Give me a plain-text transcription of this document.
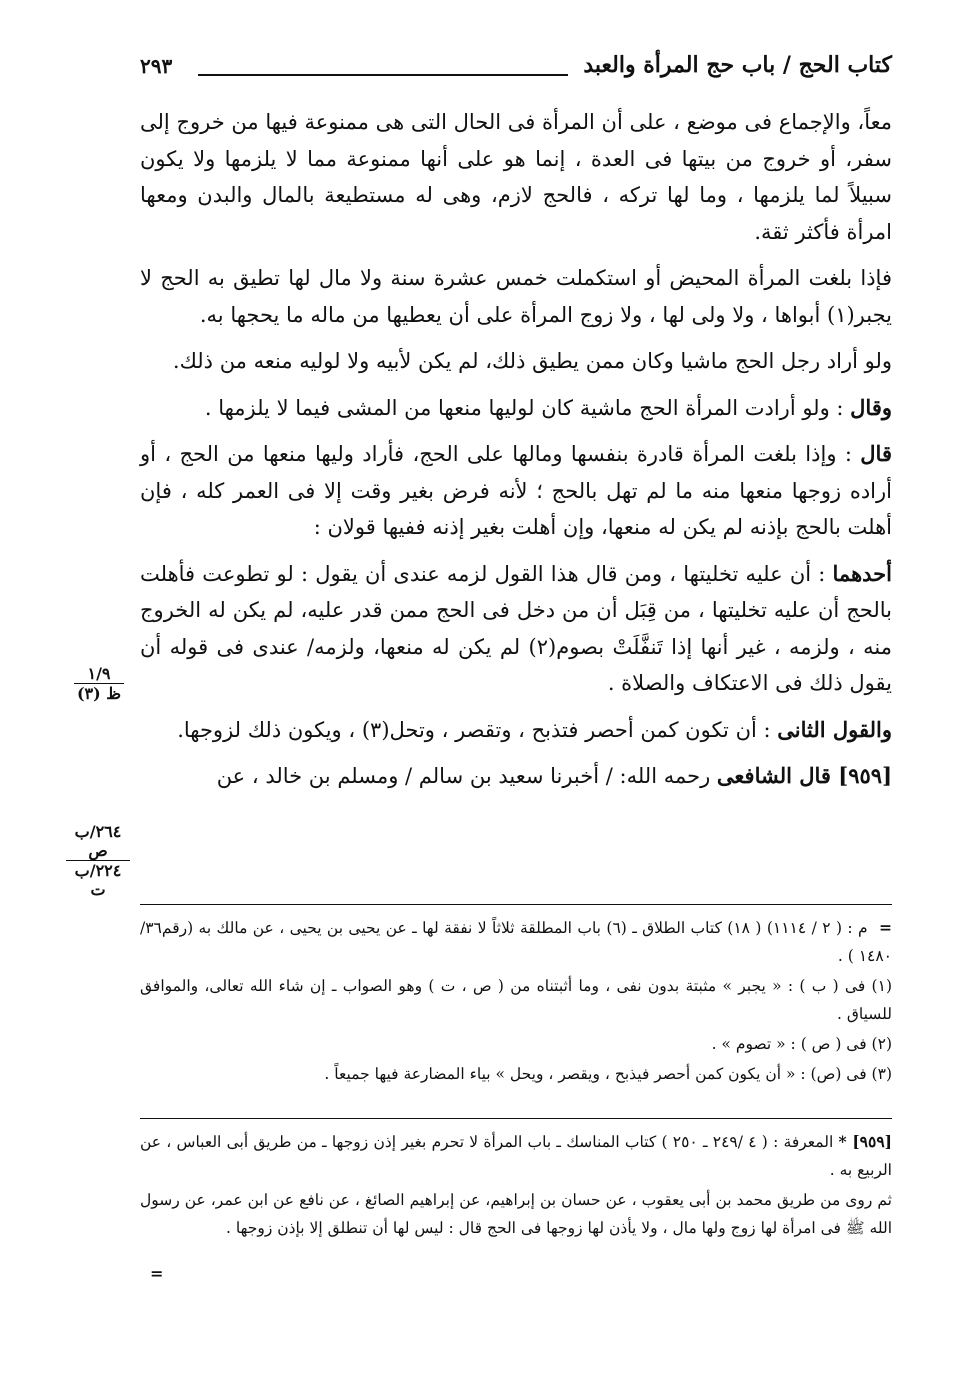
٢٩٣	كتاب الحج / باب حج المرأة والعبد

معاً، والإجماع فى موضع ، على أن المرأة فى الحال التى هى ممنوعة فيها من خروج إلى سفر، أو خروج من بيتها فى العدة ، إنما هو على أنها ممنوعة مما لا يلزمها ولا يكون سبيلاً لما يلزمها ، وما لها تركه ، فالحج لازم، وهى له مستطيعة بالمال والبدن ومعها امرأة فأكثر ثقة.

فإذا بلغت المرأة المحيض أو استكملت خمس عشرة سنة ولا مال لها تطيق به الحج لا يجبر(١) أبواها ، ولا ولى لها ، ولا زوج المرأة على أن يعطيها من ماله ما يحجها به.

ولو أراد رجل الحج ماشيا وكان ممن يطيق ذلك، لم يكن لأبيه ولا لوليه منعه من ذلك.

وقال : ولو أرادت المرأة الحج ماشية كان لوليها منعها من المشى فيما لا يلزمها .

قال : وإذا بلغت المرأة قادرة بنفسها ومالها على الحج، فأراد وليها منعها من الحج ، أو أراده زوجها منعها منه ما لم تهل بالحج ؛ لأنه فرض بغير وقت إلا فى العمر كله ، فإن أهلت بالحج بإذنه لم يكن له منعها، وإن أهلت بغير إذنه ففيها قولان :

أحدهما : أن عليه تخليتها ، ومن قال هذا القول لزمه عندى أن يقول : لو تطوعت فأهلت بالحج أن عليه تخليتها ، من قِبَل أن من دخل فى الحج ممن قدر عليه، لم يكن له الخروج منه ، ولزمه ، غير أنها إذا تَنفَّلَتْ بصوم(٢) لم يكن له منعها، ولزمه/ عندى فى قوله أن يقول ذلك فى الاعتكاف والصلاة .

والقول الثانى : أن تكون كمن أحصر فتذبح ، وتقصر ، وتحل(٣) ، ويكون ذلك لزوجها.

[٩٥٩] قال الشافعى رحمه الله: / أخبرنا سعيد بن سالم / ومسلم بن خالد ، عن

١/٩
ظ (٣)
٢٦٤/ب
ص
٢٢٤/ب
ت

= م : ( ٢ / ١١١٤) ( ١٨) كتاب الطلاق ـ (٦) باب المطلقة ثلاثاً لا نفقة لها ـ عن يحيى بن يحيى ، عن مالك به (رقم٣٦/ ١٤٨٠ ) .

(١) فى ( ب ) : « يجبر » مثبتة بدون نفى ، وما أثبتناه من ( ص ، ت ) وهو الصواب ـ إن شاء الله تعالى، والموافق للسياق .

(٢) فى ( ص ) : « تصوم » .

(٣) فى (ص) : « أن يكون كمن أحصر فيذبح ، ويقصر ، ويحل » بياء المضارعة فيها جميعاً .

[٩٥٩] * المعرفة : ( ٤ /٢٤٩ ـ ٢٥٠ ) كتاب المناسك ـ باب المرأة لا تحرم بغير إذن زوجها ـ من طريق أبى العباس ، عن الربيع به .

ثم روى من طريق محمد بن أبى يعقوب ، عن حسان بن إبراهيم، عن إبراهيم الصائغ ، عن نافع عن ابن عمر، عن رسول الله ﷺ فى امرأة لها زوج ولها مال ، ولا يأذن لها زوجها فى الحج قال : ليس لها أن تنطلق إلا بإذن زوجها .

=
